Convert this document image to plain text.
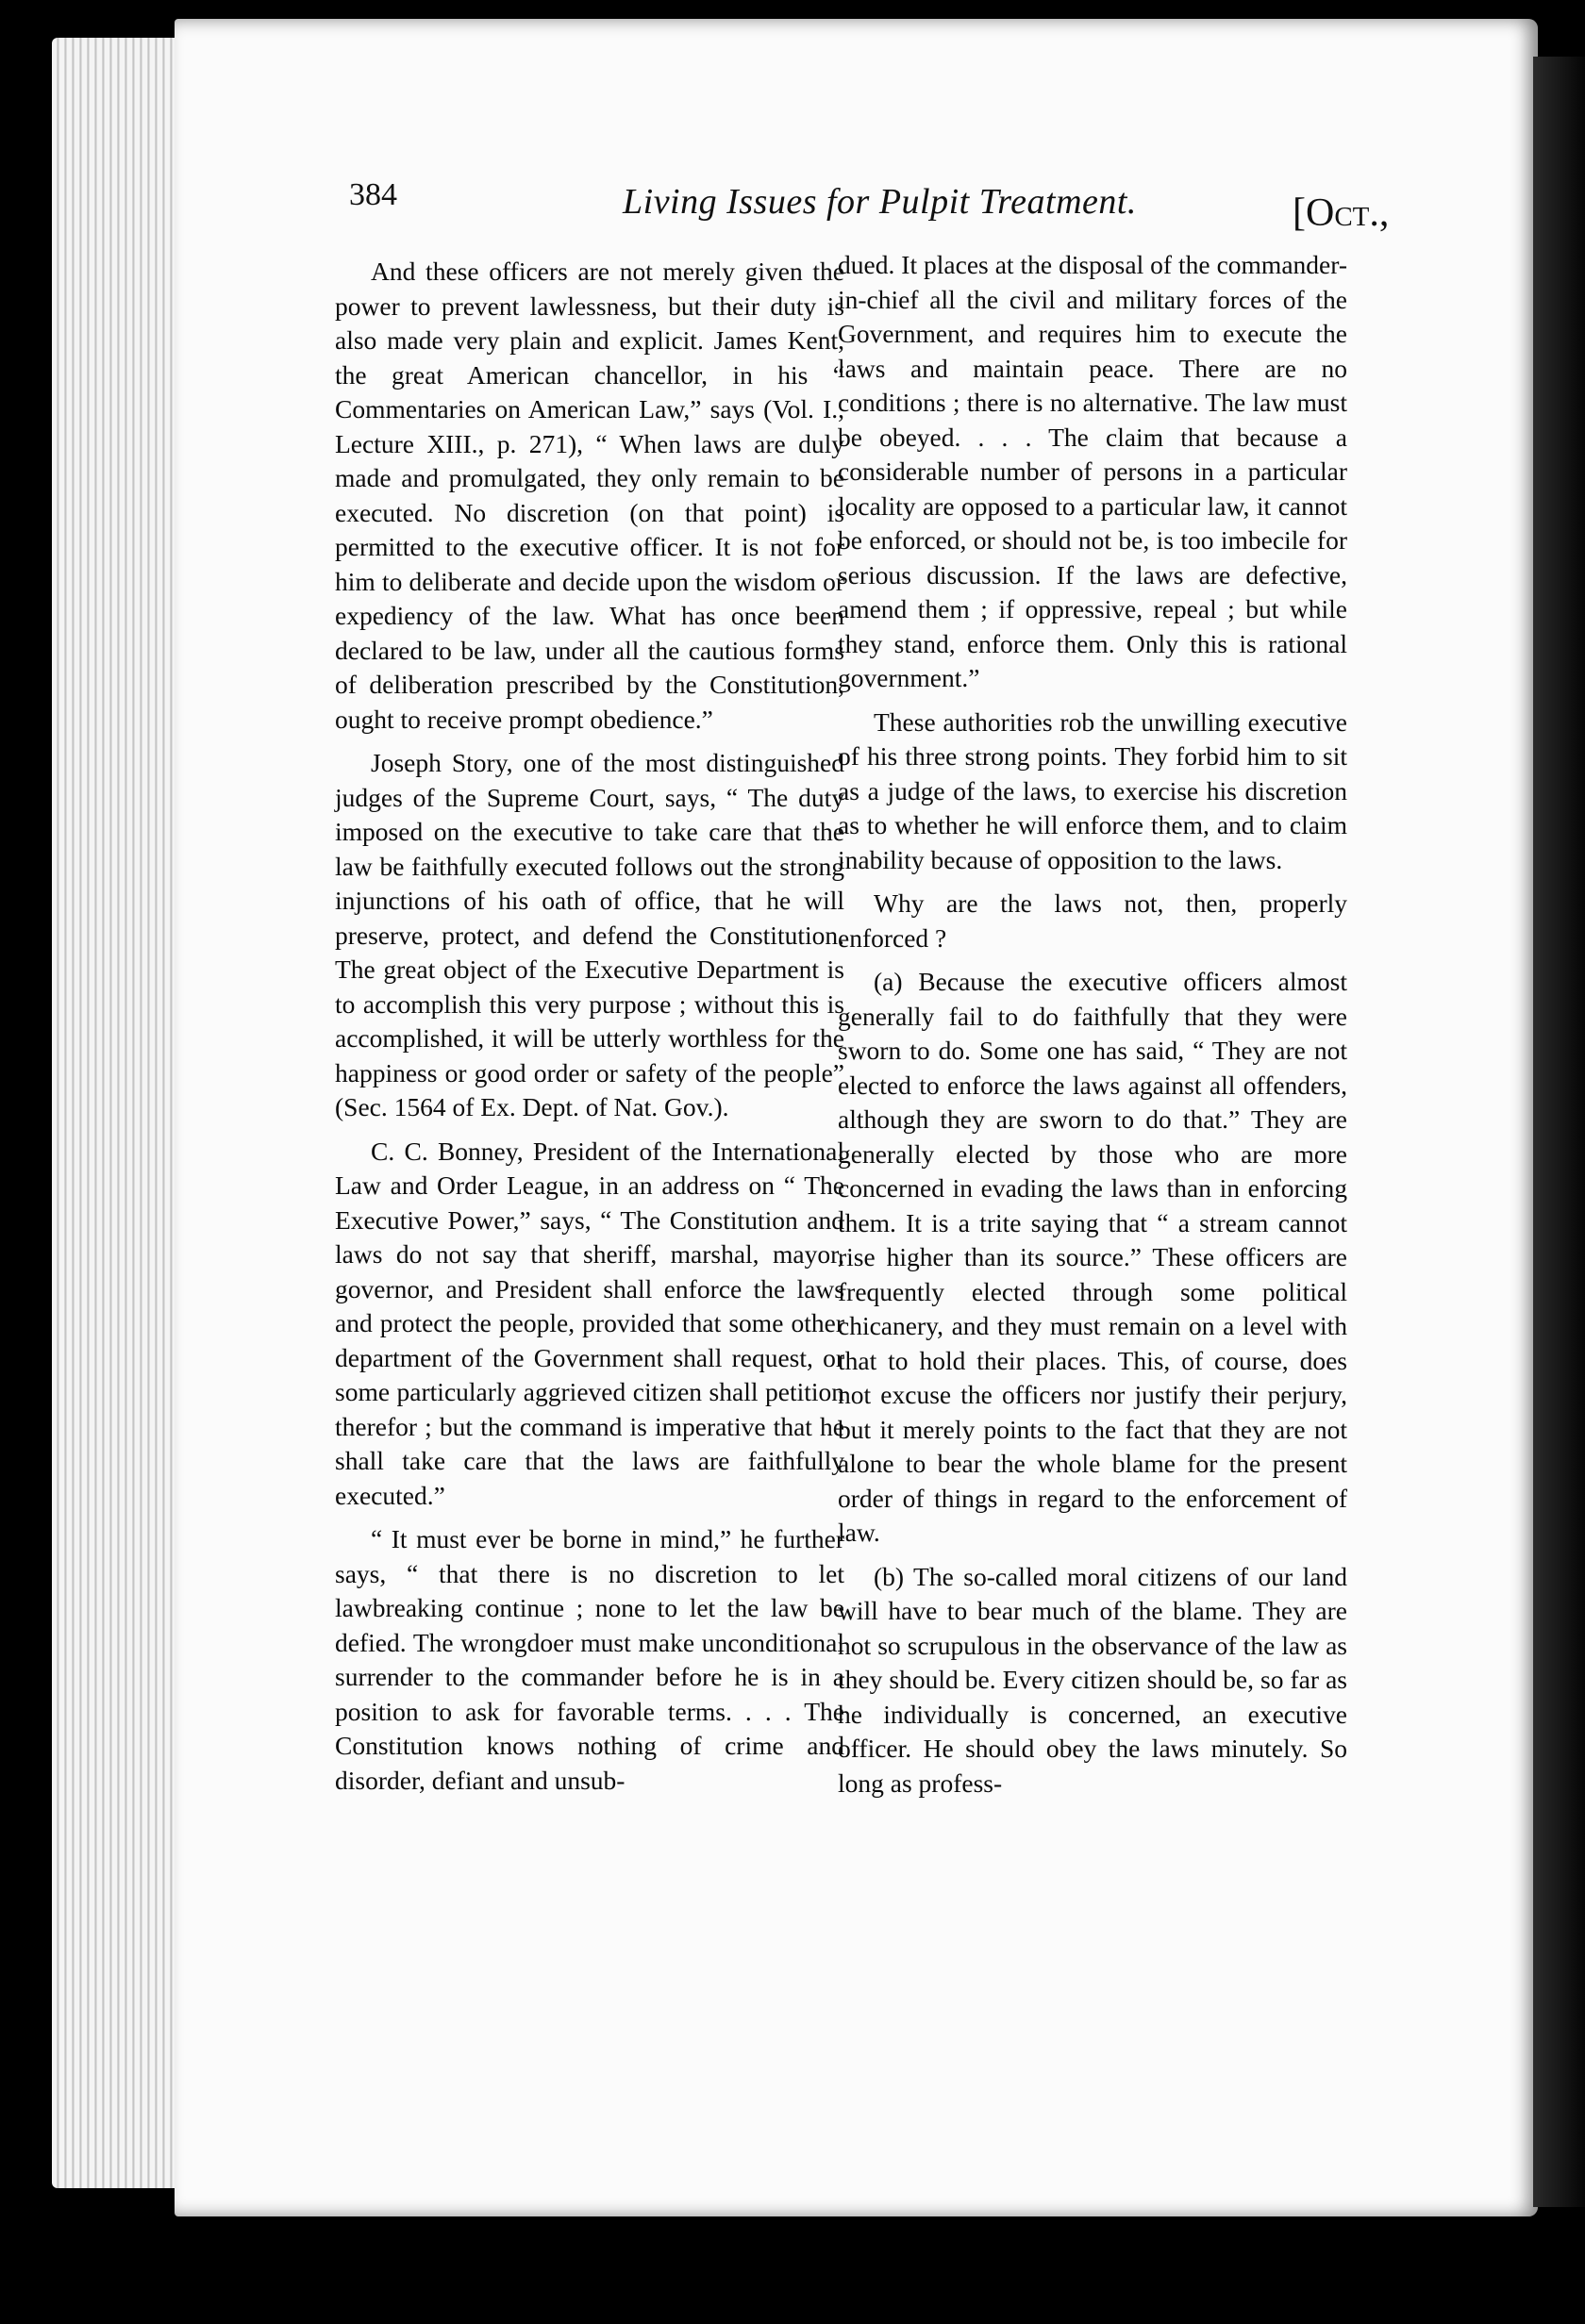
384	Living Issues for Pulpit Treatment.	[Oct.,

And these officers are not merely given the power to prevent lawlessness, but their duty is also made very plain and explicit. James Kent, the great American chancellor, in his “ Commentaries on American Law,” says (Vol. I., Lecture XIII., p. 271), “ When laws are duly made and promulgated, they only remain to be executed. No discretion (on that point) is permitted to the executive officer. It is not for him to deliberate and decide upon the wisdom or expediency of the law. What has once been declared to be law, under all the cautious forms of deliberation prescribed by the Constitution, ought to receive prompt obedience.”

Joseph Story, one of the most distinguished judges of the Supreme Court, says, “ The duty imposed on the executive to take care that the law be faithfully executed follows out the strong injunctions of his oath of office, that he will preserve, protect, and defend the Constitution. The great object of the Executive Department is to accomplish this very purpose ; without this is accomplished, it will be utterly worthless for the happiness or good order or safety of the people” (Sec. 1564 of Ex. Dept. of Nat. Gov.).

C. C. Bonney, President of the International Law and Order League, in an address on “ The Executive Power,” says, “ The Constitution and laws do not say that sheriff, marshal, mayor, governor, and President shall enforce the laws and protect the people, provided that some other department of the Government shall request, or some particularly aggrieved citizen shall petition therefor ; but the command is imperative that he shall take care that the laws are faithfully executed.”

“ It must ever be borne in mind,” he further says, “ that there is no discretion to let lawbreaking continue ; none to let the law be defied. The wrongdoer must make unconditional surrender to the commander before he is in a position to ask for favorable terms. . . . The Constitution knows nothing of crime and disorder, defiant and unsub-

dued. It places at the disposal of the commander-in-chief all the civil and military forces of the Government, and requires him to execute the laws and maintain peace. There are no conditions ; there is no alternative. The law must be obeyed. . . . The claim that because a considerable number of persons in a particular locality are opposed to a particular law, it cannot be enforced, or should not be, is too imbecile for serious discussion. If the laws are defective, amend them ; if oppressive, repeal ; but while they stand, enforce them. Only this is rational government.”

These authorities rob the unwilling executive of his three strong points. They forbid him to sit as a judge of the laws, to exercise his discretion as to whether he will enforce them, and to claim inability because of opposition to the laws.

Why are the laws not, then, properly enforced ?

(a) Because the executive officers almost generally fail to do faithfully that they were sworn to do. Some one has said, “ They are not elected to enforce the laws against all offenders, although they are sworn to do that.” They are generally elected by those who are more concerned in evading the laws than in enforcing them. It is a trite saying that “ a stream cannot rise higher than its source.” These officers are frequently elected through some political chicanery, and they must remain on a level with that to hold their places. This, of course, does not excuse the officers nor justify their perjury, but it merely points to the fact that they are not alone to bear the whole blame for the present order of things in regard to the enforcement of law.

(b) The so-called moral citizens of our land will have to bear much of the blame. They are not so scrupulous in the observance of the law as they should be. Every citizen should be, so far as he individually is concerned, an executive officer. He should obey the laws minutely. So long as profess-
